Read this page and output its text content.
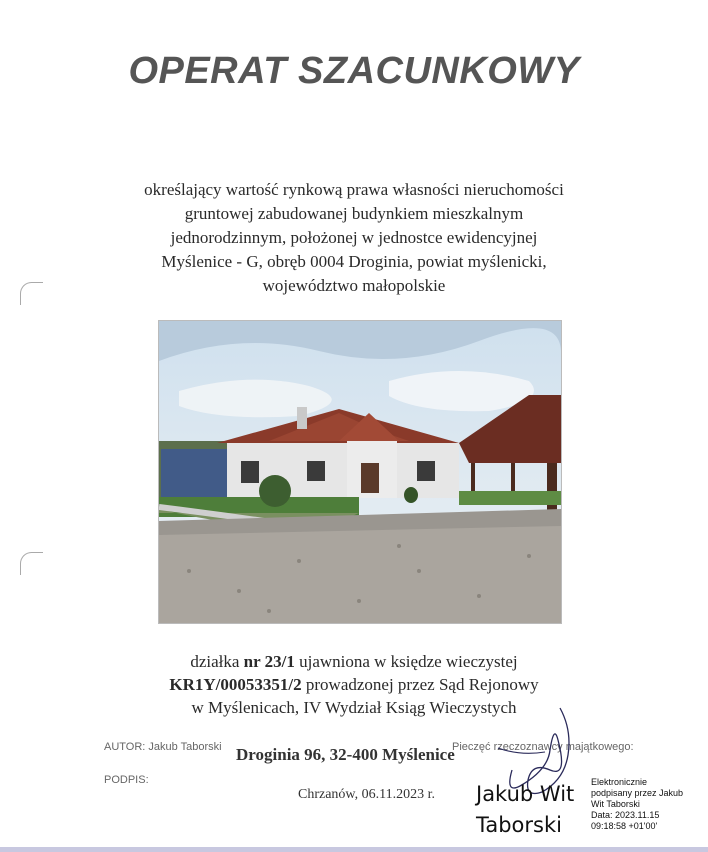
OPERAT SZACUNKOWY
określający wartość rynkową prawa własności nieruchomości
gruntowej zabudowanej budynkiem mieszkalnym
jednorodzinnym, położonej w jednostce ewidencyjnej
Myślenice - G, obręb 0004 Droginia, powiat myślenicki,
województwo małopolskie
działka nr 23/1 ujawniona w księdze wieczystej
KR1Y/00053351/2 prowadzonej przez Sąd Rejonowy
w Myślenicach, IV Wydział Ksiąg Wieczystych
AUTOR: Jakub Taborski	Pieczęć rzeczoznawcy majątkowego:
Droginia 96, 32-400 Myślenice
PODPIS:
Chrzanów, 06.11.2023 r. Jakub Wit
Taborski
Elektronicznie
podpisany przez Jakub
Wit Taborski
Data: 2023.11.15
09:18:58 +01'00'
